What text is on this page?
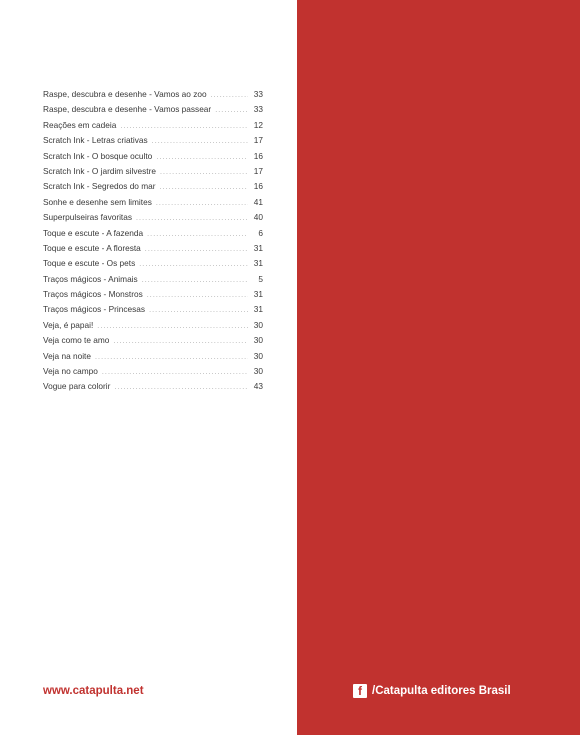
Raspe, descubra e desenhe - Vamos ao zoo .....	33
Raspe, descubra e desenhe - Vamos passear .....	33
Reações em cadeia .....	12
Scratch Ink - Letras criativas .....	17
Scratch Ink - O bosque oculto .....	16
Scratch Ink - O jardim silvestre .....	17
Scratch Ink - Segredos do mar .....	16
Sonhe e desenhe sem limites .....	41
Superpulseiras favoritas .....	40
Toque e escute - A fazenda .....	6
Toque e escute - A floresta .....	31
Toque e escute - Os pets .....	31
Traços mágicos - Animais .....	5
Traços mágicos - Monstros .....	31
Traços mágicos - Princesas .....	31
Veja, é papai! .....	30
Veja como te amo .....	30
Veja na noite .....	30
Veja no campo .....	30
Vogue para colorir .....	43
www.catapulta.net	f /Catapulta editores Brasil
